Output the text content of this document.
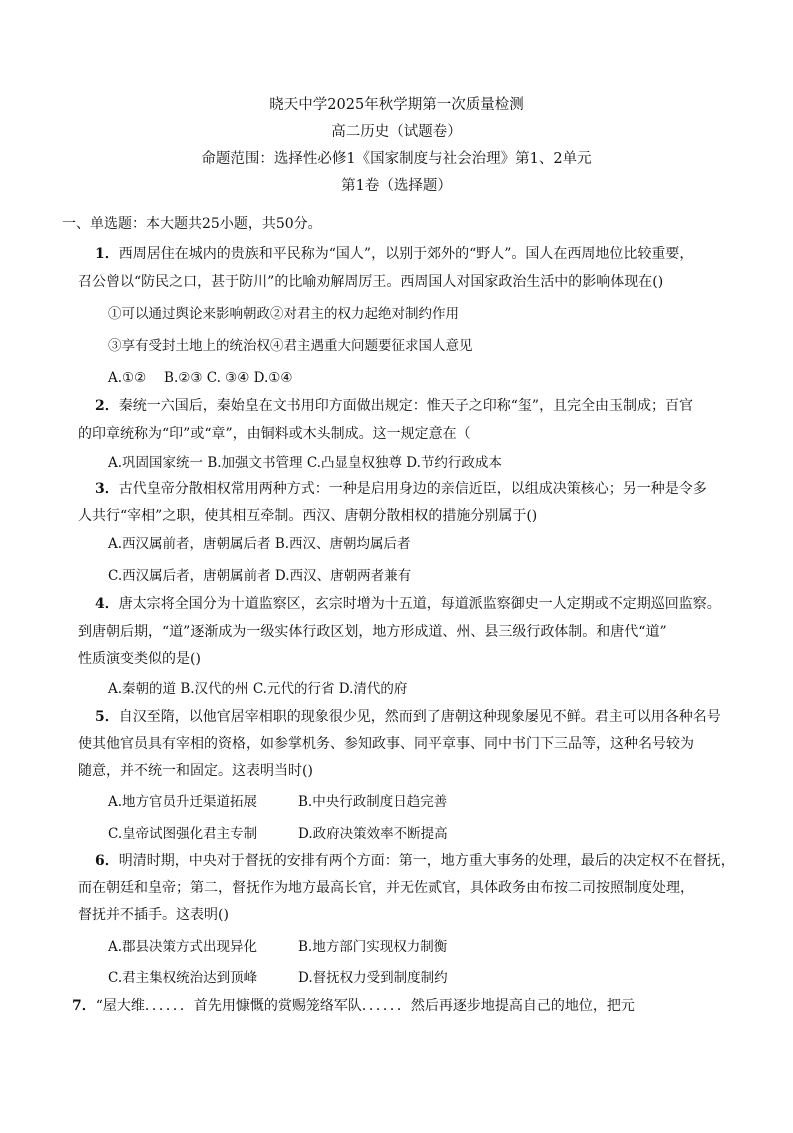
晓天中学2025年秋学期第一次质量检测
高二历史（试题卷）
命题范围：选择性必修1《国家制度与社会治理》第1、2单元
第1卷（选择题）
一、单选题：本大题共25小题，共50分。
1．西周居住在城内的贵族和平民称为“国人”，以别于郊外的“野人”。国人在西周地位比较重要，
召公曾以“防民之口，甚于防川”的比喻劝解周厉王。西周国人对国家政治生活中的影响体现在()
①可以通过舆论来影响朝政②对君主的权力起绝对制约作用
③享有受封土地上的统治权④君主遇重大问题要征求国人意见
A.①②　 B.②③ C. ③④ D.①④
2．秦统一六国后，秦始皇在文书用印方面做出规定：惟天子之印称“玺”，且完全由玉制成；百官
的印章统称为“印”或“章”，由铜料或木头制成。这一规定意在（
A.巩固国家统一 B.加强文书管理 C.凸显皇权独尊 D.节约行政成本
3．古代皇帝分散相权常用两种方式：一种是启用身边的亲信近臣，以组成决策核心；另一种是令多
人共行“宰相”之职，使其相互牵制。西汉、唐朝分散相权的措施分别属于()
A.西汉属前者，唐朝属后者 B.西汉、唐朝均属后者
C.西汉属后者，唐朝属前者 D.西汉、唐朝两者兼有
4．唐太宗将全国分为十道监察区，玄宗时增为十五道，每道派监察御史一人定期或不定期巡回监察。
到唐朝后期，“道”逐渐成为一级实体行政区划，地方形成道、州、县三级行政体制。和唐代“道”
性质演变类似的是()
A.秦朝的道 B.汉代的州 C.元代的行省 D.清代的府
5．自汉至隋，以他官居宰相职的现象很少见，然而到了唐朝这种现象屡见不鲜。君主可以用各种名号
使其他官员具有宰相的资格，如参掌机务、参知政事、同平章事、同中书门下三品等，这种名号较为
随意，并不统一和固定。这表明当时()
A.地方官员升迁渠道拓展	B.中央行政制度日趋完善
C.皇帝试图强化君主专制	D.政府决策效率不断提高
6．明清时期，中央对于督抚的安排有两个方面：第一，地方重大事务的处理，最后的决定权不在督抚，
而在朝廷和皇帝；第二，督抚作为地方最高长官，并无佐贰官，具体政务由布按二司按照制度处理，
督抚并不插手。这表明()
A.郡县决策方式出现异化	B.地方部门实现权力制衡
C.君主集权统治达到顶峰	D.督抚权力受到制度制约
7．“屋大维．．．．．．首先用慷慨的赏赐笼络军队．．．．．．然后再逐步地提高自己的地位，把元
